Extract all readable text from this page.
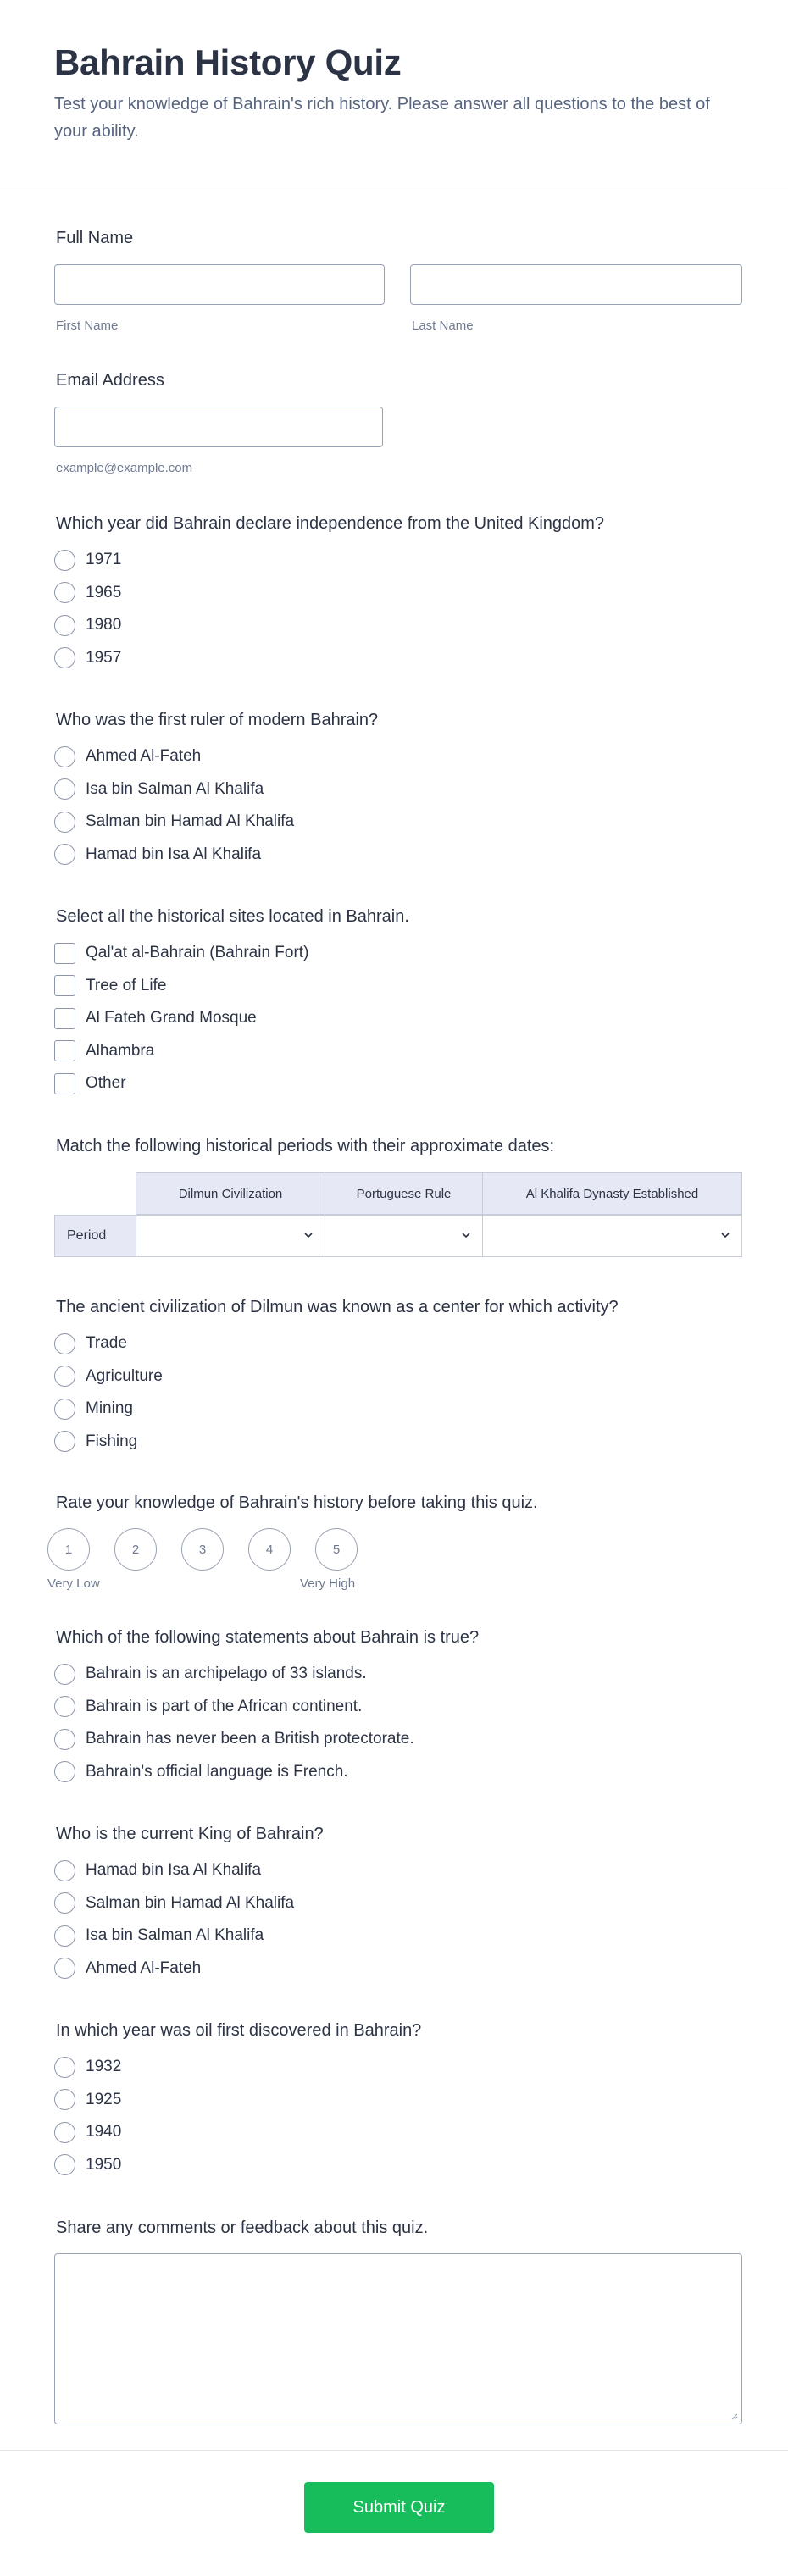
Bahrain History Quiz
Test your knowledge of Bahrain's rich history. Please answer all questions to the best of your ability.
Full Name
First Name	Last Name
Email Address
example@example.com
Which year did Bahrain declare independence from the United Kingdom?
1971
1965
1980
1957
Who was the first ruler of modern Bahrain?
Ahmed Al-Fateh
Isa bin Salman Al Khalifa
Salman bin Hamad Al Khalifa
Hamad bin Isa Al Khalifa
Select all the historical sites located in Bahrain.
Qal'at al-Bahrain (Bahrain Fort)
Tree of Life
Al Fateh Grand Mosque
Alhambra
Other
Match the following historical periods with their approximate dates:
Dilmun Civilization	Portuguese Rule	Al Khalifa Dynasty Established
Period
The ancient civilization of Dilmun was known as a center for which activity?
Trade
Agriculture
Mining
Fishing
Rate your knowledge of Bahrain's history before taking this quiz.
1	2	3	4	5
Very Low	Very High
Which of the following statements about Bahrain is true?
Bahrain is an archipelago of 33 islands.
Bahrain is part of the African continent.
Bahrain has never been a British protectorate.
Bahrain's official language is French.
Who is the current King of Bahrain?
Hamad bin Isa Al Khalifa
Salman bin Hamad Al Khalifa
Isa bin Salman Al Khalifa
Ahmed Al-Fateh
In which year was oil first discovered in Bahrain?
1932
1925
1940
1950
Share any comments or feedback about this quiz.
Submit Quiz
